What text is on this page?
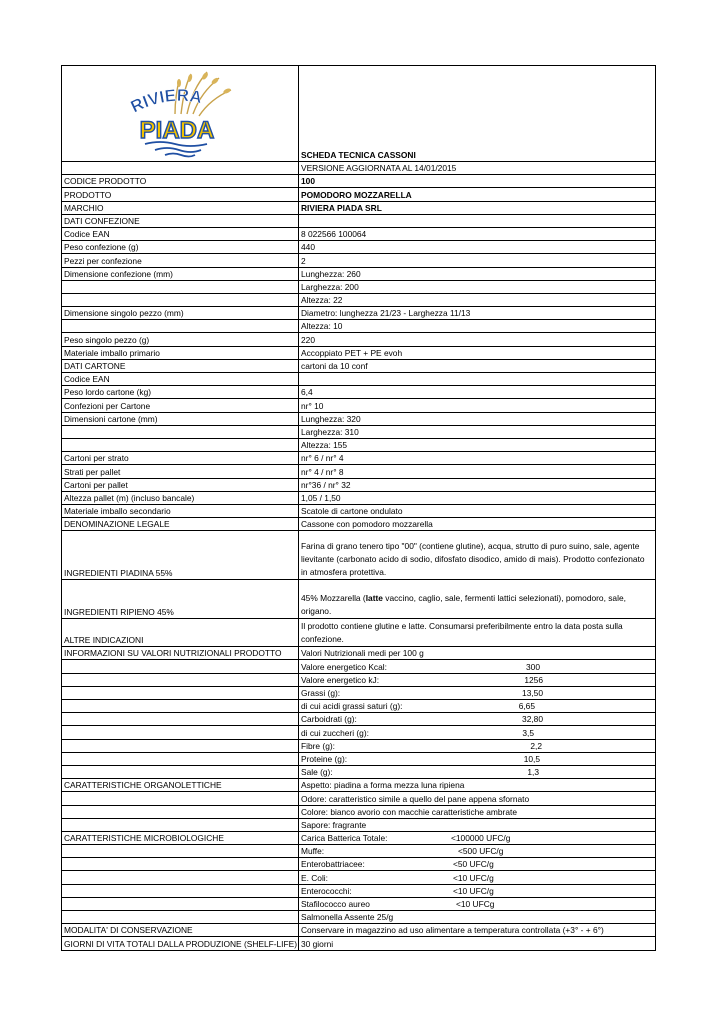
RIVIERA
PIADA	SCHEDA TECNICA CASSONI
	VERSIONE AGGIORNATA AL 14/01/2015
CODICE PRODOTTO	100
PRODOTTO	POMODORO MOZZARELLA
MARCHIO	RIVIERA PIADA SRL
DATI CONFEZIONE	
Codice EAN	8 022566 100064
Peso confezione (g)	440
Pezzi per confezione	2
Dimensione confezione (mm)	Lunghezza: 260
	Larghezza: 200
	Altezza: 22
Dimensione singolo pezzo (mm)	Diametro: lunghezza 21/23 - Larghezza 11/13
	Altezza: 10
Peso singolo pezzo (g)	220
Materiale imballo primario	Accoppiato PET + PE evoh
DATI CARTONE	cartoni da 10 conf
Codice EAN	
Peso lordo cartone (kg)	6,4
Confezioni per Cartone	nr° 10
Dimensioni cartone (mm)	Lunghezza: 320
	Larghezza: 310
	Altezza: 155
Cartoni per strato	nr° 6 / nr° 4
Strati per pallet	nr° 4 / nr° 8
Cartoni per pallet	nr°36 / nr° 32
Altezza pallet (m) (incluso bancale)	1,05 / 1,50
Materiale imballo secondario	Scatole di cartone ondulato
DENOMINAZIONE LEGALE	Cassone con pomodoro mozzarella
INGREDIENTI PIADINA 55%	Farina di grano tenero tipo "00" (contiene glutine), acqua, strutto di puro suino, sale, agente lievitante (carbonato acido di sodio, difosfato disodico, amido di mais). Prodotto confezionato in atmosfera protettiva.
INGREDIENTI RIPIENO 45%	45% Mozzarella (latte vaccino, caglio, sale, fermenti lattici selezionati), pomodoro, sale, origano.
ALTRE INDICAZIONI	Il prodotto contiene glutine e latte. Consumarsi preferibilmente entro la data posta sulla confezione.
INFORMAZIONI SU VALORI NUTRIZIONALI PRODOTTO	Valori Nutrizionali medi per 100 g
	Valore energetico Kcal: 300
	Valore energetico kJ: 1256
	Grassi (g): 13,50
	di cui acidi grassi saturi (g): 6,65
	Carboidrati (g): 32,80
	di cui zuccheri (g): 3,5
	Fibre (g): 2,2
	Proteine (g): 10,5
	Sale (g): 1,3
CARATTERISTICHE ORGANOLETTICHE	Aspetto: piadina a forma mezza luna ripiena
	Odore: caratteristico simile a quello del pane appena sfornato
	Colore: bianco avorio con macchie caratteristiche ambrate
	Sapore: fragrante
CARATTERISTICHE MICROBIOLOGICHE	Carica Batterica Totale: <100000 UFC/g
	Muffe: <500 UFC/g
	Enterobattriacee: <50 UFC/g
	E. Coli: <10 UFC/g
	Enterococchi: <10 UFC/g
	Stafilococco aureo <10 UFCg
	Salmonella Assente 25/g
MODALITA' DI CONSERVAZIONE	Conservare in magazzino ad uso alimentare a temperatura controllata (+3° - + 6°)
GIORNI DI VITA TOTALI DALLA PRODUZIONE (SHELF-LIFE)	30 giorni
